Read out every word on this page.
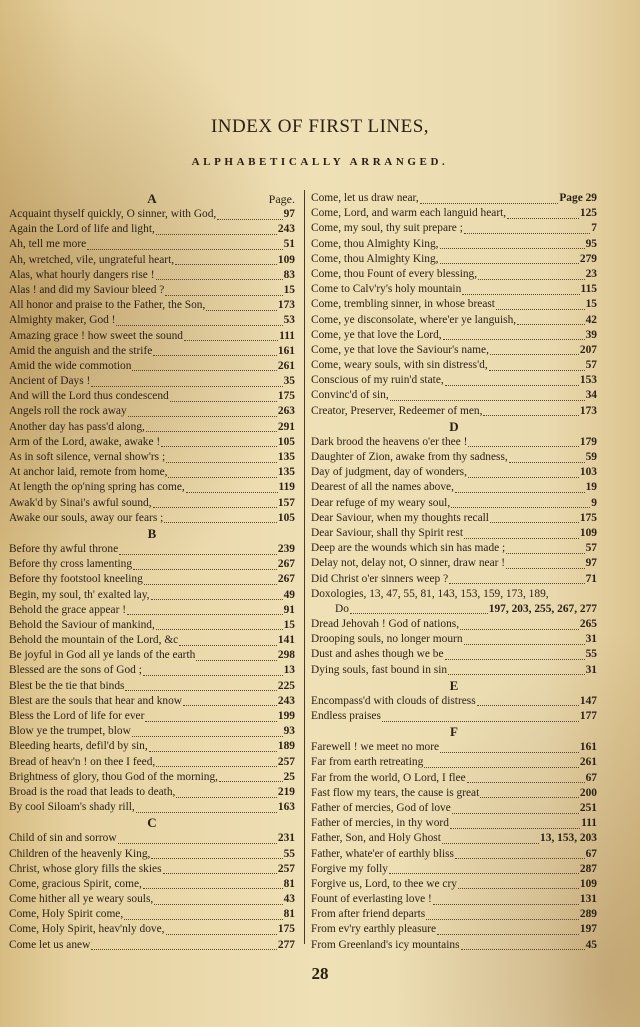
INDEX OF FIRST LINES,
ALPHABETICALLY ARRANGED.
A	Page.
Acquaint thyself quickly, O sinner, with God,	97
Again the Lord of life and light,	243
Ah, tell me more	51
Ah, wretched, vile, ungrateful heart,	109
Alas, what hourly dangers rise !	83
Alas ! and did my Saviour bleed ?	15
All honor and praise to the Father, the Son,	173
Almighty maker, God !	53
Amazing grace ! how sweet the sound	111
Amid the anguish and the strife	161
Amid the wide commotion	261
Ancient of Days !	35
And will the Lord thus condescend	175
Angels roll the rock away	263
Another day has pass'd along,	291
Arm of the Lord, awake, awake !	105
As in soft silence, vernal show'rs ;	135
At anchor laid, remote from home,	135
At length the op'ning spring has come,	119
Awak'd by Sinai's awful sound,	157
Awake our souls, away our fears ;	105
B
Before thy awful throne	239
Before thy cross lamenting	267
Before thy footstool kneeling	267
Begin, my soul, th' exalted lay,	49
Behold the grace appear !	91
Behold the Saviour of mankind,	15
Behold the mountain of the Lord, &c	141
Be joyful in God all ye lands of the earth	298
Blessed are the sons of God ;	13
Blest be the tie that binds	225
Blest are the souls that hear and know	243
Bless the Lord of life for ever	199
Blow ye the trumpet, blow	93
Bleeding hearts, defil'd by sin,	189
Bread of heav'n ! on thee I feed,	257
Brightness of glory, thou God of the morning,	25
Broad is the road that leads to death,	219
By cool Siloam's shady rill,	163
C
Child of sin and sorrow	231
Children of the heavenly King,	55
Christ, whose glory fills the skies	257
Come, gracious Spirit, come,	81
Come hither all ye weary souls,	43
Come, Holy Spirit come,	81
Come, Holy Spirit, heav'nly dove,	175
Come let us anew	277
Come, let us draw near,	Page 29
Come, Lord, and warm each languid heart,	125
Come, my soul, thy suit prepare ;	7
Come, thou Almighty King,	95
Come, thou Almighty King,	279
Come, thou Fount of every blessing,	23
Come to Calv'ry's holy mountain	115
Come, trembling sinner, in whose breast	15
Come, ye disconsolate, where'er ye languish,	42
Come, ye that love the Lord,	39
Come, ye that love the Saviour's name,	207
Come, weary souls, with sin distress'd,	57
Conscious of my ruin'd state,	153
Convinc'd of sin,	34
Creator, Preserver, Redeemer of men,	173
D
Dark brood the heavens o'er thee !	179
Daughter of Zion, awake from thy sadness,	59
Day of judgment, day of wonders,	103
Dearest of all the names above,	19
Dear refuge of my weary soul,	9
Dear Saviour, when my thoughts recall	175
Dear Saviour, shall thy Spirit rest	109
Deep are the wounds which sin has made ;	57
Delay not, delay not, O sinner, draw near !	97
Did Christ o'er sinners weep ?	71
Doxologies, 13, 47, 55, 81, 143, 153, 159, 173, 189,
Do	197, 203, 255, 267, 277
Dread Jehovah ! God of nations,	265
Drooping souls, no longer mourn	31
Dust and ashes though we be	55
Dying souls, fast bound in sin	31
E
Encompass'd with clouds of distress	147
Endless praises	177
F
Farewell ! we meet no more	161
Far from earth retreating	261
Far from the world, O Lord, I flee	67
Fast flow my tears, the cause is great	200
Father of mercies, God of love	251
Father of mercies, in thy word	111
Father, Son, and Holy Ghost	13, 153, 203
Father, whate'er of earthly bliss	67
Forgive my folly	287
Forgive us, Lord, to thee we cry	109
Fount of everlasting love !	131
From after friend departs	289
From ev'ry earthly pleasure	197
From Greenland's icy mountains	45
28
